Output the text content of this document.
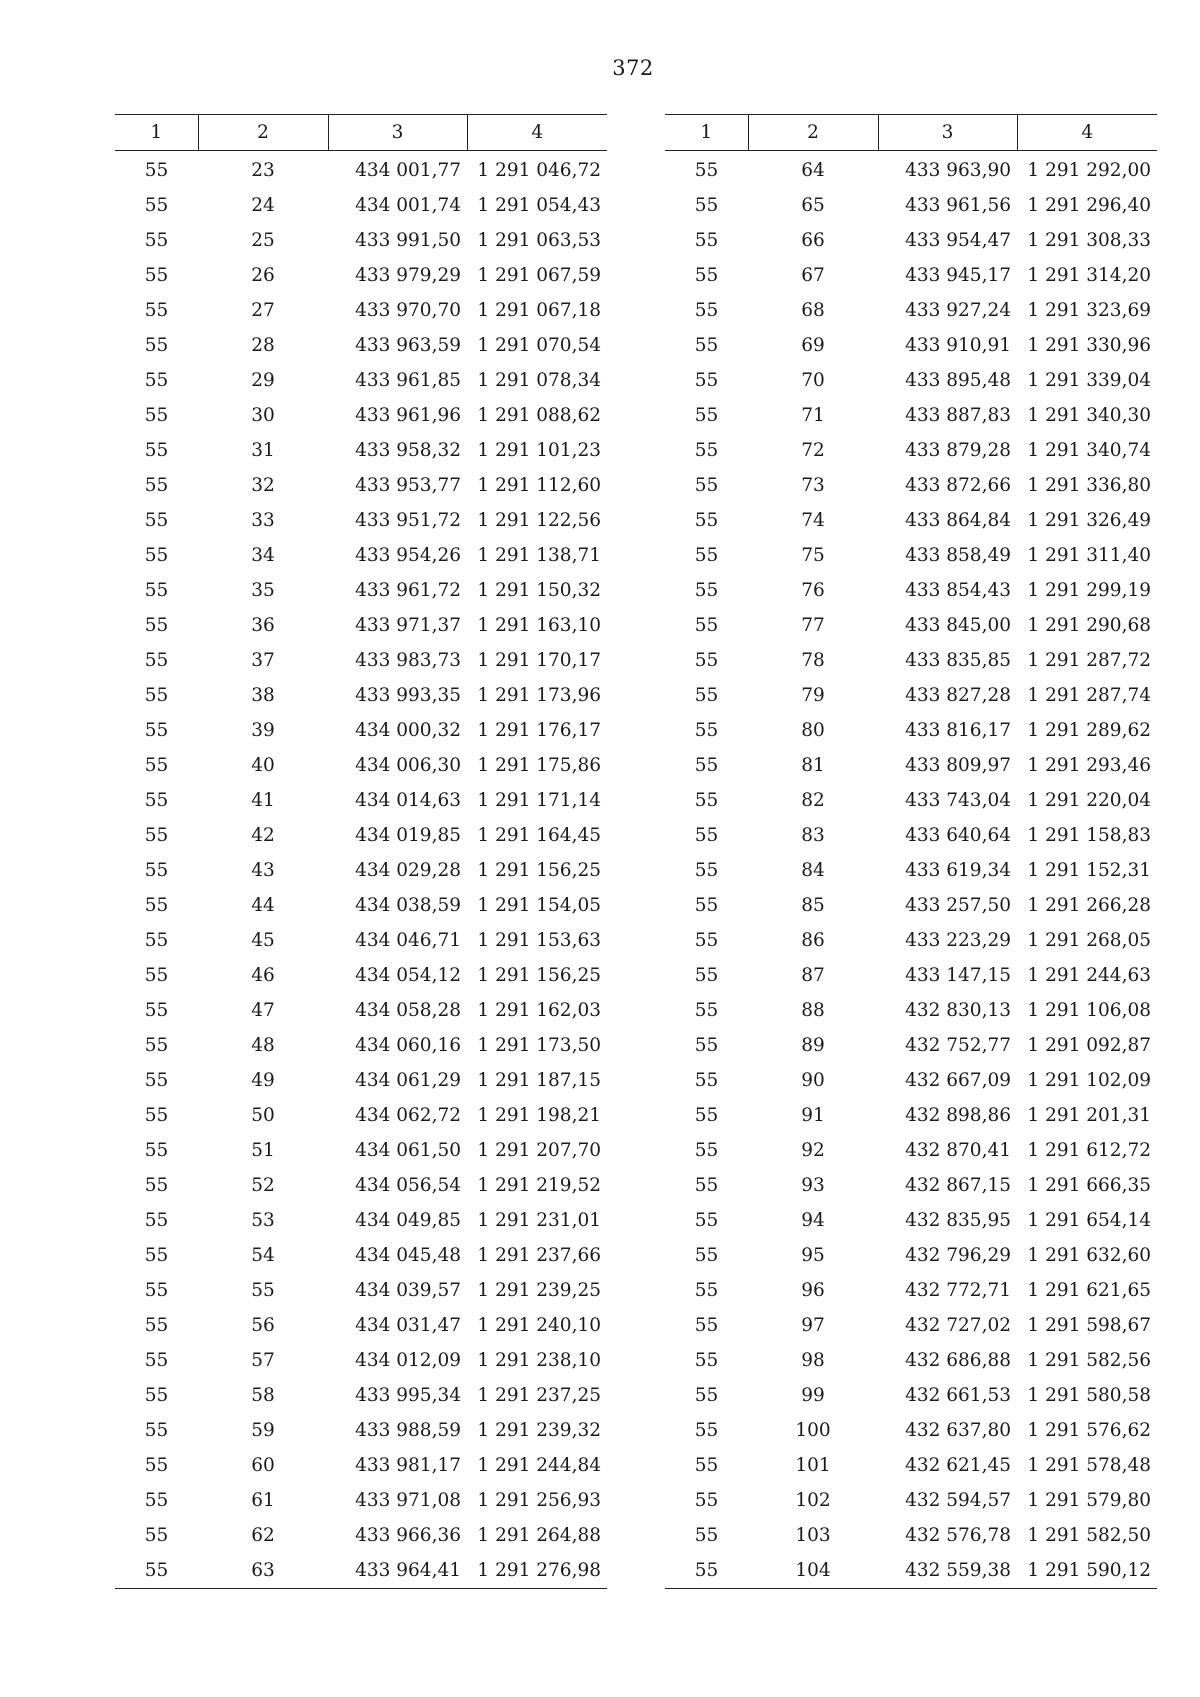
372
1	2	3	4
55	23	434 001,77	1 291 046,72
55	24	434 001,74	1 291 054,43
55	25	433 991,50	1 291 063,53
55	26	433 979,29	1 291 067,59
55	27	433 970,70	1 291 067,18
55	28	433 963,59	1 291 070,54
55	29	433 961,85	1 291 078,34
55	30	433 961,96	1 291 088,62
55	31	433 958,32	1 291 101,23
55	32	433 953,77	1 291 112,60
55	33	433 951,72	1 291 122,56
55	34	433 954,26	1 291 138,71
55	35	433 961,72	1 291 150,32
55	36	433 971,37	1 291 163,10
55	37	433 983,73	1 291 170,17
55	38	433 993,35	1 291 173,96
55	39	434 000,32	1 291 176,17
55	40	434 006,30	1 291 175,86
55	41	434 014,63	1 291 171,14
55	42	434 019,85	1 291 164,45
55	43	434 029,28	1 291 156,25
55	44	434 038,59	1 291 154,05
55	45	434 046,71	1 291 153,63
55	46	434 054,12	1 291 156,25
55	47	434 058,28	1 291 162,03
55	48	434 060,16	1 291 173,50
55	49	434 061,29	1 291 187,15
55	50	434 062,72	1 291 198,21
55	51	434 061,50	1 291 207,70
55	52	434 056,54	1 291 219,52
55	53	434 049,85	1 291 231,01
55	54	434 045,48	1 291 237,66
55	55	434 039,57	1 291 239,25
55	56	434 031,47	1 291 240,10
55	57	434 012,09	1 291 238,10
55	58	433 995,34	1 291 237,25
55	59	433 988,59	1 291 239,32
55	60	433 981,17	1 291 244,84
55	61	433 971,08	1 291 256,93
55	62	433 966,36	1 291 264,88
55	63	433 964,41	1 291 276,98
1	2	3	4
55	64	433 963,90	1 291 292,00
55	65	433 961,56	1 291 296,40
55	66	433 954,47	1 291 308,33
55	67	433 945,17	1 291 314,20
55	68	433 927,24	1 291 323,69
55	69	433 910,91	1 291 330,96
55	70	433 895,48	1 291 339,04
55	71	433 887,83	1 291 340,30
55	72	433 879,28	1 291 340,74
55	73	433 872,66	1 291 336,80
55	74	433 864,84	1 291 326,49
55	75	433 858,49	1 291 311,40
55	76	433 854,43	1 291 299,19
55	77	433 845,00	1 291 290,68
55	78	433 835,85	1 291 287,72
55	79	433 827,28	1 291 287,74
55	80	433 816,17	1 291 289,62
55	81	433 809,97	1 291 293,46
55	82	433 743,04	1 291 220,04
55	83	433 640,64	1 291 158,83
55	84	433 619,34	1 291 152,31
55	85	433 257,50	1 291 266,28
55	86	433 223,29	1 291 268,05
55	87	433 147,15	1 291 244,63
55	88	432 830,13	1 291 106,08
55	89	432 752,77	1 291 092,87
55	90	432 667,09	1 291 102,09
55	91	432 898,86	1 291 201,31
55	92	432 870,41	1 291 612,72
55	93	432 867,15	1 291 666,35
55	94	432 835,95	1 291 654,14
55	95	432 796,29	1 291 632,60
55	96	432 772,71	1 291 621,65
55	97	432 727,02	1 291 598,67
55	98	432 686,88	1 291 582,56
55	99	432 661,53	1 291 580,58
55	100	432 637,80	1 291 576,62
55	101	432 621,45	1 291 578,48
55	102	432 594,57	1 291 579,80
55	103	432 576,78	1 291 582,50
55	104	432 559,38	1 291 590,12
